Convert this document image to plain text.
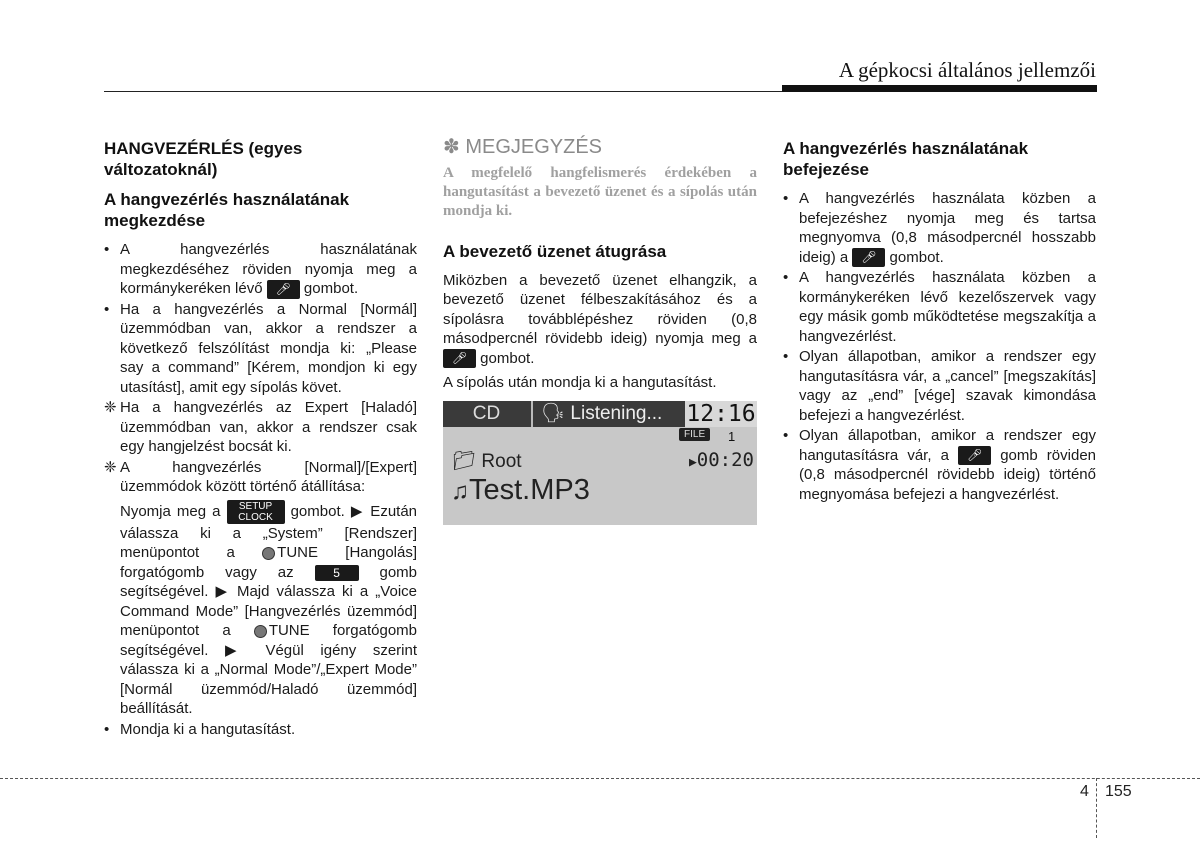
A gépkocsi általános jellemzői
HANGVEZÉRLÉS (egyes változatoknál)
A hangvezérlés használatának megkezdése
• A hangvezérlés használatának megkezdéséhez röviden nyomja meg a kormánykeréken lévő 🎤︎ gombot.
• Ha a hangvezérlés a Normal [Normál] üzemmódban van, akkor a rendszer a következő felszólítást mondja ki: „Please say a command” [Kérem, mondjon ki egy utasítást], amit egy sípolás követ.
❈ Ha a hangvezérlés az Expert [Haladó] üzemmódban van, akkor a rendszer csak egy hangjelzést bocsát ki.
❈ A hangvezérlés [Normal]/[Expert] üzemmódok között történő átállítása:
Nyomja meg a SETUP
CLOCK gombot. ▶ Ezután válassza ki a „System” [Rendszer] menüpontot a	TUNE [Hangolás] forgatógomb vagy az	5	gomb segítségével. ▶ Majd válassza ki a „Voice Command Mode” [Hangvezérlés üzemmód] menüpontot a	TUNE forgatógomb segítségével. ▶ Végül igény szerint válassza ki a „Normal Mode”/„Expert Mode” [Normál üzemmód/Haladó üzemmód] beállítását.
• Mondja ki a hangutasítást.
✽ MEGJEGYZÉS

A megfelelő hangfelismerés érdekében a hangutasítást a bevezető üzenet és a sípolás után mondja ki.

A bevezető üzenet átugrása

Miközben a bevezető üzenet elhangzik, a bevezető üzenet félbeszakításához és a sípolásra továbblépéshez röviden (0,8 másodpercnél rövidebb ideig) nyomja meg a 🎤︎ gombot.

A sípolás után mondja ki a hangutasítást.

CD	🗣︎ Listening... 12:16
FILE	1
📁︎ Root	▶00:20
♫Test.MP3
A hangvezérlés használatának befejezése
• A hangvezérlés használata közben a befejezéshez nyomja meg és tartsa megnyomva (0,8 másodpercnél hosszabb ideig) a 🎤︎ gombot.
• A hangvezérlés használata közben a kormánykeréken lévő kezelőszervek vagy egy másik gomb működtetése megszakítja a hangvezérlést.
• Olyan állapotban, amikor a rendszer egy hangutasításra vár, a „cancel” [megszakítás] vagy az „end” [vége] szavak kimondása befejezi a hangvezérlést.
• Olyan állapotban, amikor a rendszer egy hangutasításra vár, a 🎤︎ gomb röviden (0,8 másodpercnél rövidebb ideig) történő megnyomása befejezi a hangvezérlést.
4 155
